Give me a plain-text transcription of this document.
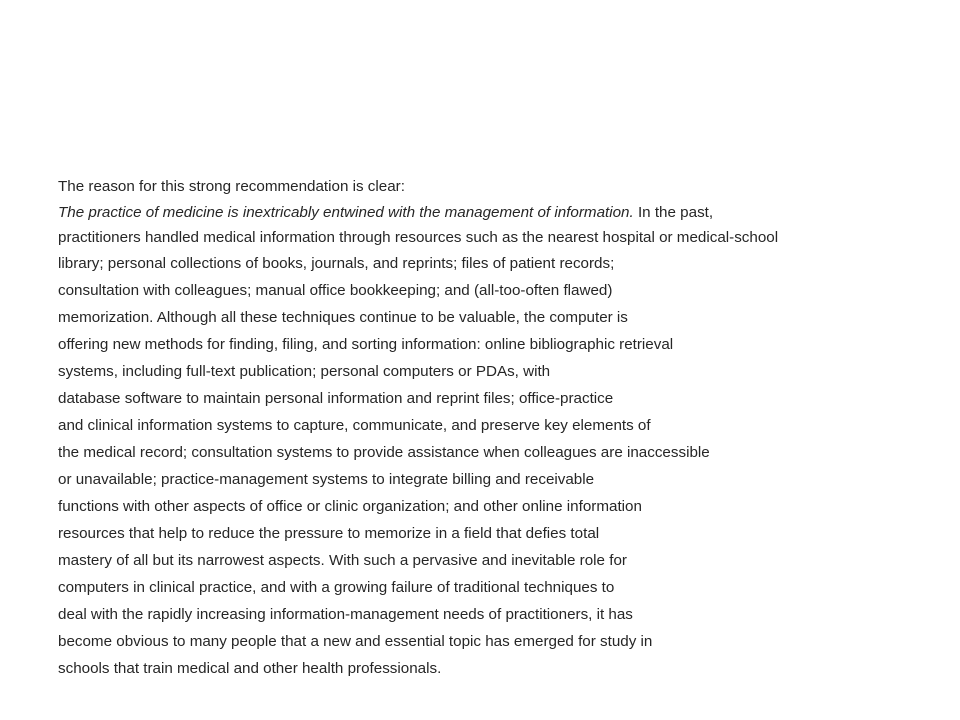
The reason for this strong recommendation is clear:
The practice of medicine is inextricably entwined with the management of information. In the past,
practitioners handled medical information through resources such as the nearest hospital or medical-school
library; personal collections of books, journals, and reprints; files of patient records;
consultation with colleagues; manual office bookkeeping; and (all-too-often flawed)
memorization. Although all these techniques continue to be valuable, the computer is
offering new methods for finding, filing, and sorting information: online bibliographic retrieval
systems, including full-text publication; personal computers or PDAs, with
database software to maintain personal information and reprint files; office-practice
and clinical information systems to capture, communicate, and preserve key elements of
the medical record; consultation systems to provide assistance when colleagues are inaccessible
or unavailable; practice-management systems to integrate billing and receivable
functions with other aspects of office or clinic organization; and other online information
resources that help to reduce the pressure to memorize in a field that defies total
mastery of all but its narrowest aspects. With such a pervasive and inevitable role for
computers in clinical practice, and with a growing failure of traditional techniques to
deal with the rapidly increasing information-management needs of practitioners, it has
become obvious to many people that a new and essential topic has emerged for study in
schools that train medical and other health professionals.
